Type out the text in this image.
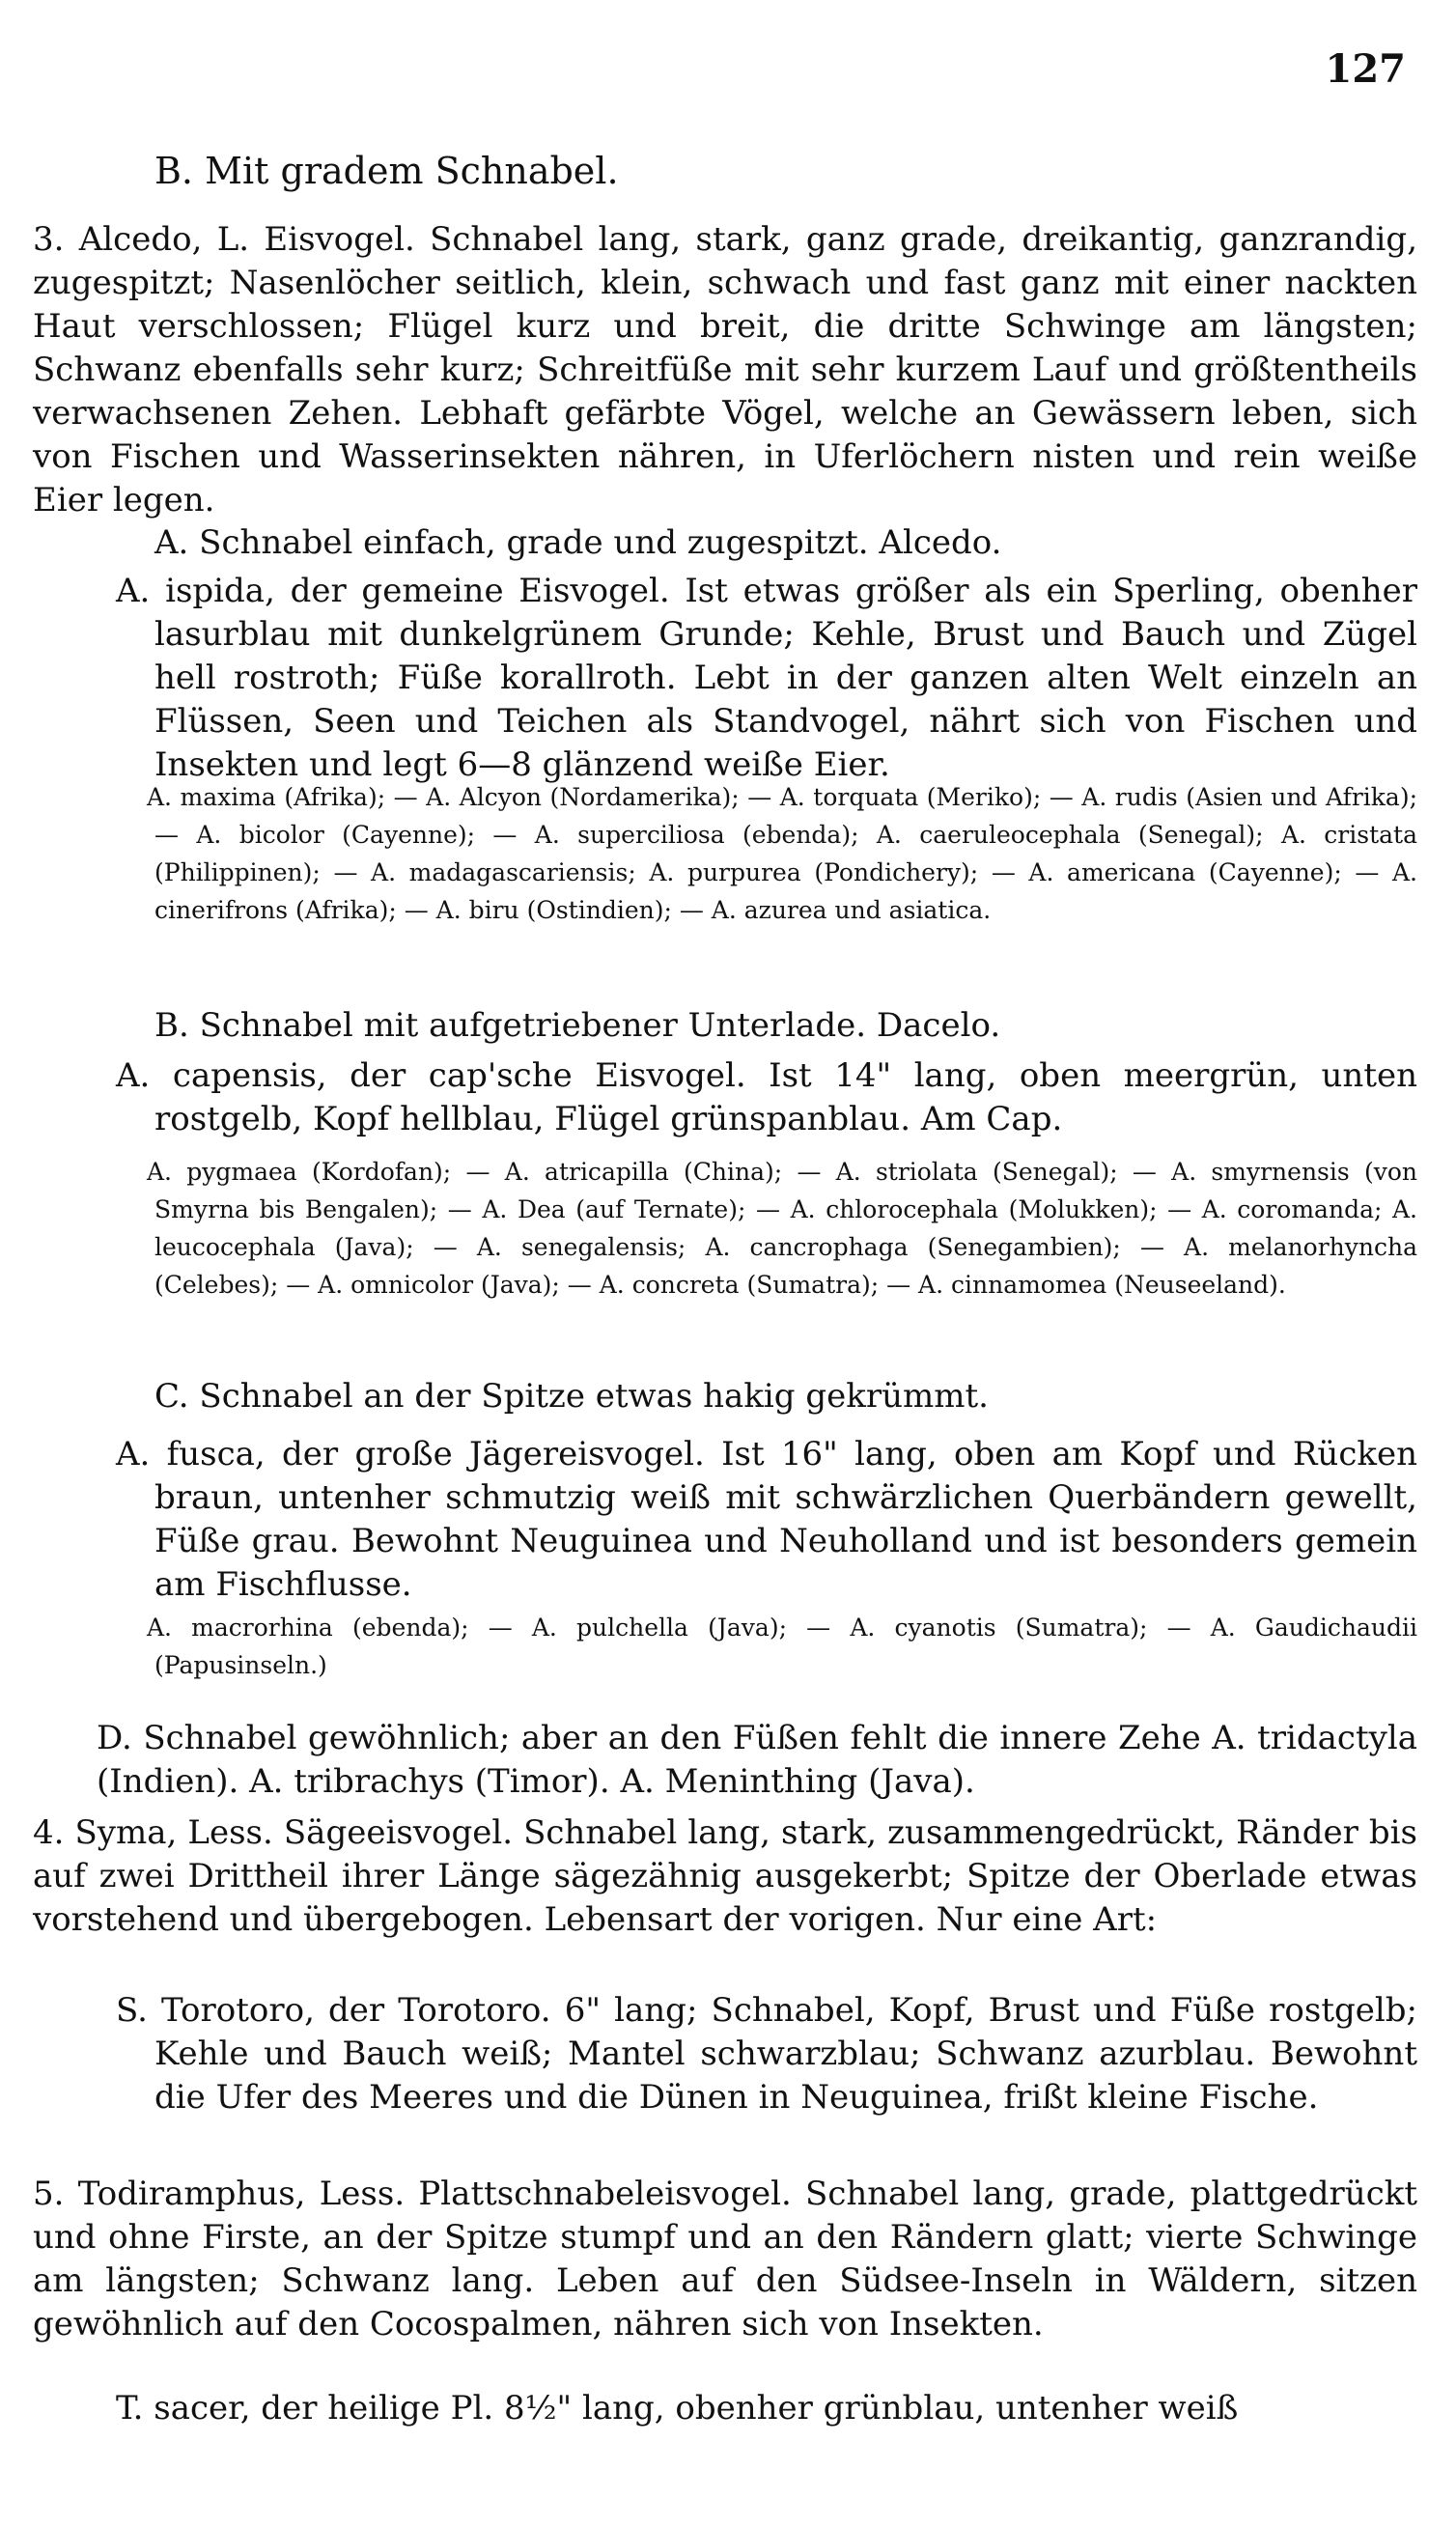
127

B. Mit gradem Schnabel.

3. Alcedo, L. Eisvogel. Schnabel lang, stark, ganz grade, dreikantig, ganzrandig, zugespitzt; Nasenlöcher seitlich, klein, schwach und fast ganz mit einer nackten Haut verschlossen; Flügel kurz und breit, die dritte Schwinge am längsten; Schwanz ebenfalls sehr kurz; Schreitfüße mit sehr kurzem Lauf und größtentheils verwachsenen Zehen. Lebhaft gefärbte Vögel, welche an Gewässern leben, sich von Fischen und Wasserinsekten nähren, in Uferlöchern nisten und rein weiße Eier legen.

A. Schnabel einfach, grade und zugespitzt. Alcedo.

A. ispida, der gemeine Eisvogel. Ist etwas größer als ein Sperling, obenher lasurblau mit dunkelgrünem Grunde; Kehle, Brust und Bauch und Zügel hell rostroth; Füße korallroth. Lebt in der ganzen alten Welt einzeln an Flüssen, Seen und Teichen als Standvogel, nährt sich von Fischen und Insekten und legt 6—8 glänzend weiße Eier.

A. maxima (Afrika); — A. Alcyon (Nordamerika); — A. torquata (Meriko); — A. rudis (Asien und Afrika); — A. bicolor (Cayenne); — A. superciliosa (ebenda); A. caeruleocephala (Senegal); A. cristata (Philippinen); — A. madagascariensis; A. purpurea (Pondichery); — A. americana (Cayenne); — A. cinerifrons (Afrika); — A. biru (Ostindien); — A. azurea und asiatica.

B. Schnabel mit aufgetriebener Unterlade. Dacelo.

A. capensis, der cap'sche Eisvogel. Ist 14" lang, oben meergrün, unten rostgelb, Kopf hellblau, Flügel grünspanblau. Am Cap.

A. pygmaea (Kordofan); — A. atricapilla (China); — A. striolata (Senegal); — A. smyrnensis (von Smyrna bis Bengalen); — A. Dea (auf Ternate); — A. chlorocephala (Molukken); — A. coromanda; A. leucocephala (Java); — A. senegalensis; A. cancrophaga (Senegambien); — A. melanorhyncha (Celebes); — A. omnicolor (Java); — A. concreta (Sumatra); — A. cinnamomea (Neuseeland).

C. Schnabel an der Spitze etwas hakig gekrümmt.

A. fusca, der große Jägereisvogel. Ist 16" lang, oben am Kopf und Rücken braun, untenher schmutzig weiß mit schwärzlichen Querbändern gewellt, Füße grau. Bewohnt Neuguinea und Neuholland und ist besonders gemein am Fischflusse.

A. macrorhina (ebenda); — A. pulchella (Java); — A. cyanotis (Sumatra); — A. Gaudichaudii (Papusinseln.)

D. Schnabel gewöhnlich; aber an den Füßen fehlt die innere Zehe A. tridactyla (Indien). A. tribrachys (Timor). A. Meninthing (Java).

4. Syma, Less. Sägeeisvogel. Schnabel lang, stark, zusammengedrückt, Ränder bis auf zwei Drittheil ihrer Länge sägezähnig ausgekerbt; Spitze der Oberlade etwas vorstehend und übergebogen. Lebensart der vorigen. Nur eine Art:

S. Torotoro, der Torotoro. 6" lang; Schnabel, Kopf, Brust und Füße rostgelb; Kehle und Bauch weiß; Mantel schwarzblau; Schwanz azurblau. Bewohnt die Ufer des Meeres und die Dünen in Neuguinea, frißt kleine Fische.

5. Todiramphus, Less. Plattschnabeleisvogel. Schnabel lang, grade, plattgedrückt und ohne Firste, an der Spitze stumpf und an den Rändern glatt; vierte Schwinge am längsten; Schwanz lang. Leben auf den Südsee-Inseln in Wäldern, sitzen gewöhnlich auf den Cocospalmen, nähren sich von Insekten.

T. sacer, der heilige Pl. 8½" lang, obenher grünblau, untenher weiß
